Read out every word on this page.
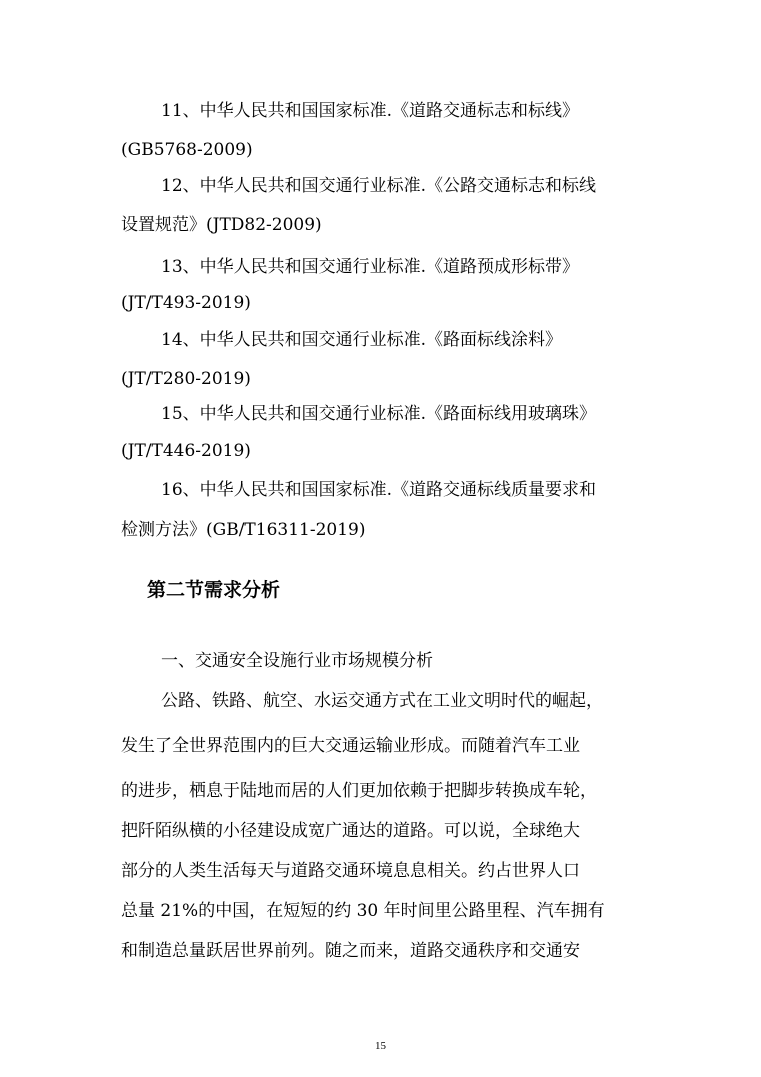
11、中华人民共和国国家标准.《道路交通标志和标线》
(GB5768-2009)
12、中华人民共和国交通行业标准.《公路交通标志和标线
设置规范》(JTD82-2009)
13、中华人民共和国交通行业标准.《道路预成形标带》
(JT/T493-2019)
14、中华人民共和国交通行业标准.《路面标线涂料》
(JT/T280-2019)
15、中华人民共和国交通行业标准.《路面标线用玻璃珠》
(JT/T446-2019)
16、中华人民共和国国家标准.《道路交通标线质量要求和
检测方法》(GB/T16311-2019)
第二节需求分析
一、交通安全设施行业市场规模分析
公路、铁路、航空、水运交通方式在工业文明时代的崛起，
发生了全世界范围内的巨大交通运输业形成。而随着汽车工业
的进步，栖息于陆地而居的人们更加依赖于把脚步转换成车轮，
把阡陌纵横的小径建设成宽广通达的道路。可以说，全球绝大
部分的人类生活每天与道路交通环境息息相关。约占世界人口
总量 21%的中国，在短短的约 30 年时间里公路里程、汽车拥有
和制造总量跃居世界前列。随之而来，道路交通秩序和交通安
15
